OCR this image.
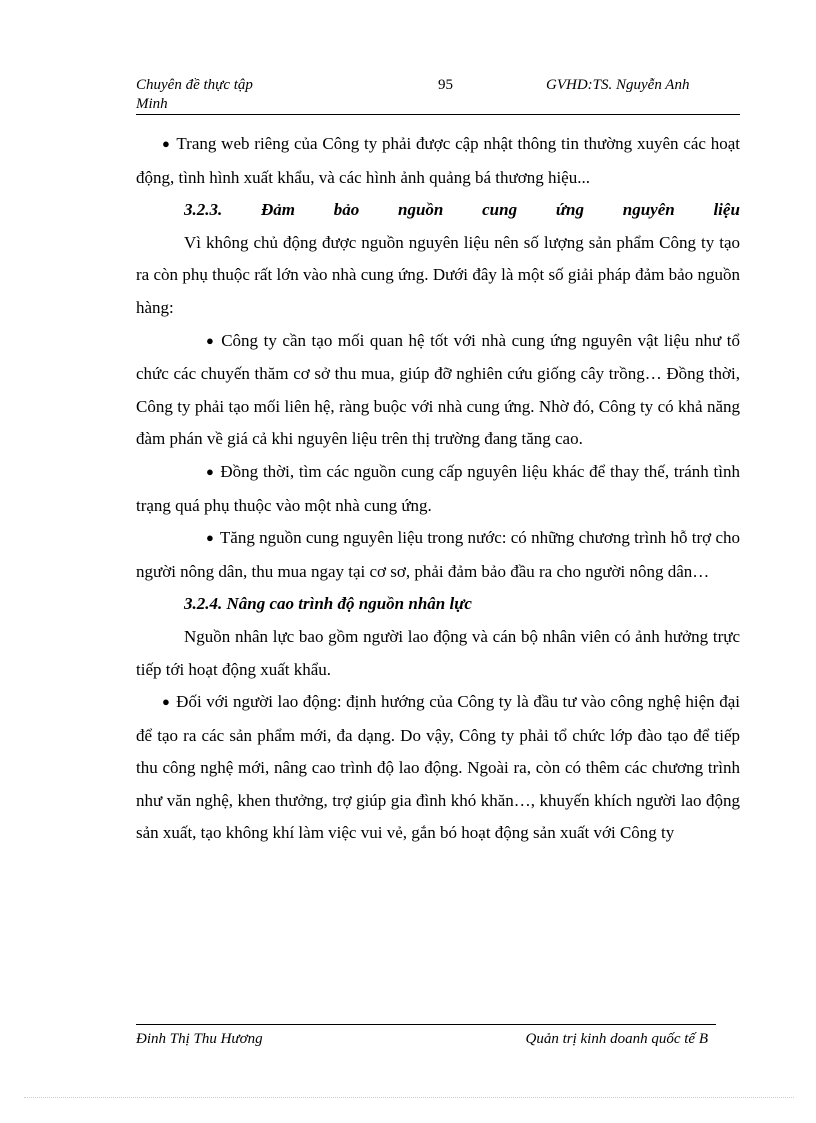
Chuyên đề thực tập	95	GVHD:TS. Nguyễn Anh
Minh

● Trang web riêng của Công ty phải được cập nhật thông tin thường xuyên các hoạt động, tình hình xuất khẩu, và các hình ảnh quảng bá thương hiệu...

3.2.3. Đảm bảo nguồn cung ứng nguyên liệu

Vì không chủ động được nguồn nguyên liệu nên số lượng sản phẩm Công ty tạo ra còn phụ thuộc rất lớn vào nhà cung ứng. Dưới đây là một số giải pháp đảm bảo nguồn hàng:

● Công ty cần tạo mối quan hệ tốt với nhà cung ứng nguyên vật liệu như tổ chức các chuyến thăm cơ sở thu mua, giúp đỡ nghiên cứu giống cây trồng… Đồng thời, Công ty phải tạo mối liên hệ, ràng buộc với nhà cung ứng. Nhờ đó, Công ty có khả năng đàm phán về giá cả khi nguyên liệu trên thị trường đang tăng cao.

● Đồng thời, tìm các nguồn cung cấp nguyên liệu khác để thay thế, tránh tình trạng quá phụ thuộc vào một nhà cung ứng.

● Tăng nguồn cung nguyên liệu trong nước: có những chương trình hỗ trợ cho người nông dân, thu mua ngay tại cơ sơ, phải đảm bảo đầu ra cho người nông dân…

3.2.4. Nâng cao trình độ nguồn nhân lực

Nguồn nhân lực bao gồm người lao động và cán bộ nhân viên có ảnh hưởng trực tiếp tới hoạt động xuất khẩu.

● Đối với người lao động: định hướng của Công ty là đầu tư vào công nghệ hiện đại để tạo ra các sản phẩm mới, đa dạng. Do vậy, Công ty phải tổ chức lớp đào tạo để tiếp thu công nghệ mới, nâng cao trình độ lao động. Ngoài ra, còn có thêm các chương trình như văn nghệ, khen thưởng, trợ giúp gia đình khó khăn…, khuyến khích người lao động sản xuất, tạo không khí làm việc vui vẻ, gắn bó hoạt động sản xuất với Công ty

Đinh Thị Thu Hương	Quản trị kinh doanh quốc tế B
